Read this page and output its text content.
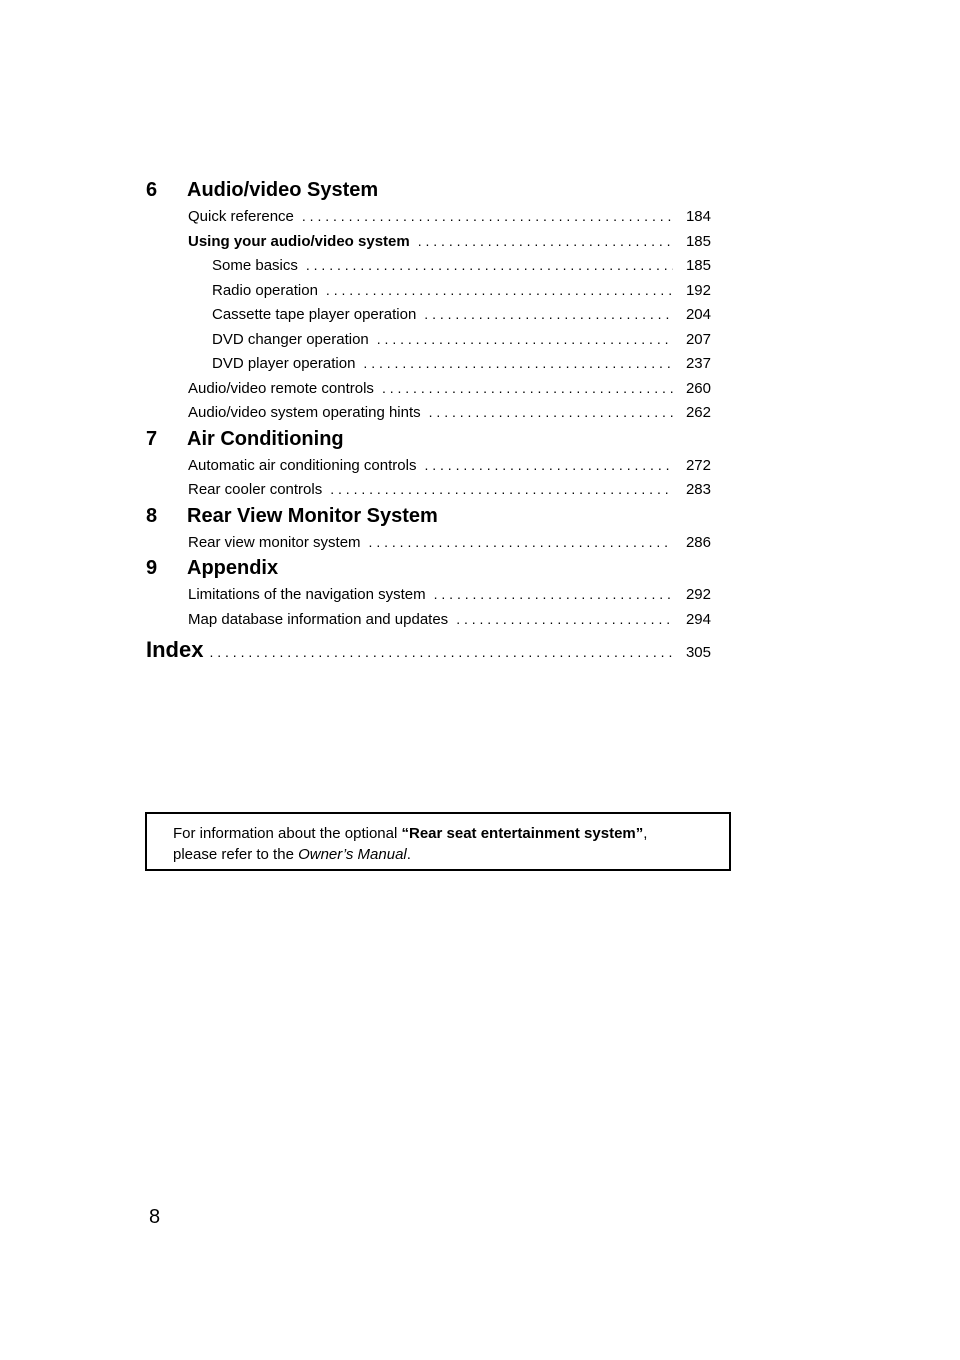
6	Audio/video System
Quick reference . . .	184
Using your audio/video system . . .	185
Some basics . . .	185
Radio operation . . .	192
Cassette tape player operation . . .	204
DVD changer operation . . .	207
DVD player operation . . .	237
Audio/video remote controls . . .	260
Audio/video system operating hints . . .	262
7	Air Conditioning
Automatic air conditioning controls . . .	272
Rear cooler controls . . .	283
8	Rear View Monitor System
Rear view monitor system . . .	286
9	Appendix
Limitations of the navigation system . . .	292
Map database information and updates . . .	294
Index . . .	305
For information about the optional “Rear seat entertainment system”,
please refer to the Owner’s Manual.
8
